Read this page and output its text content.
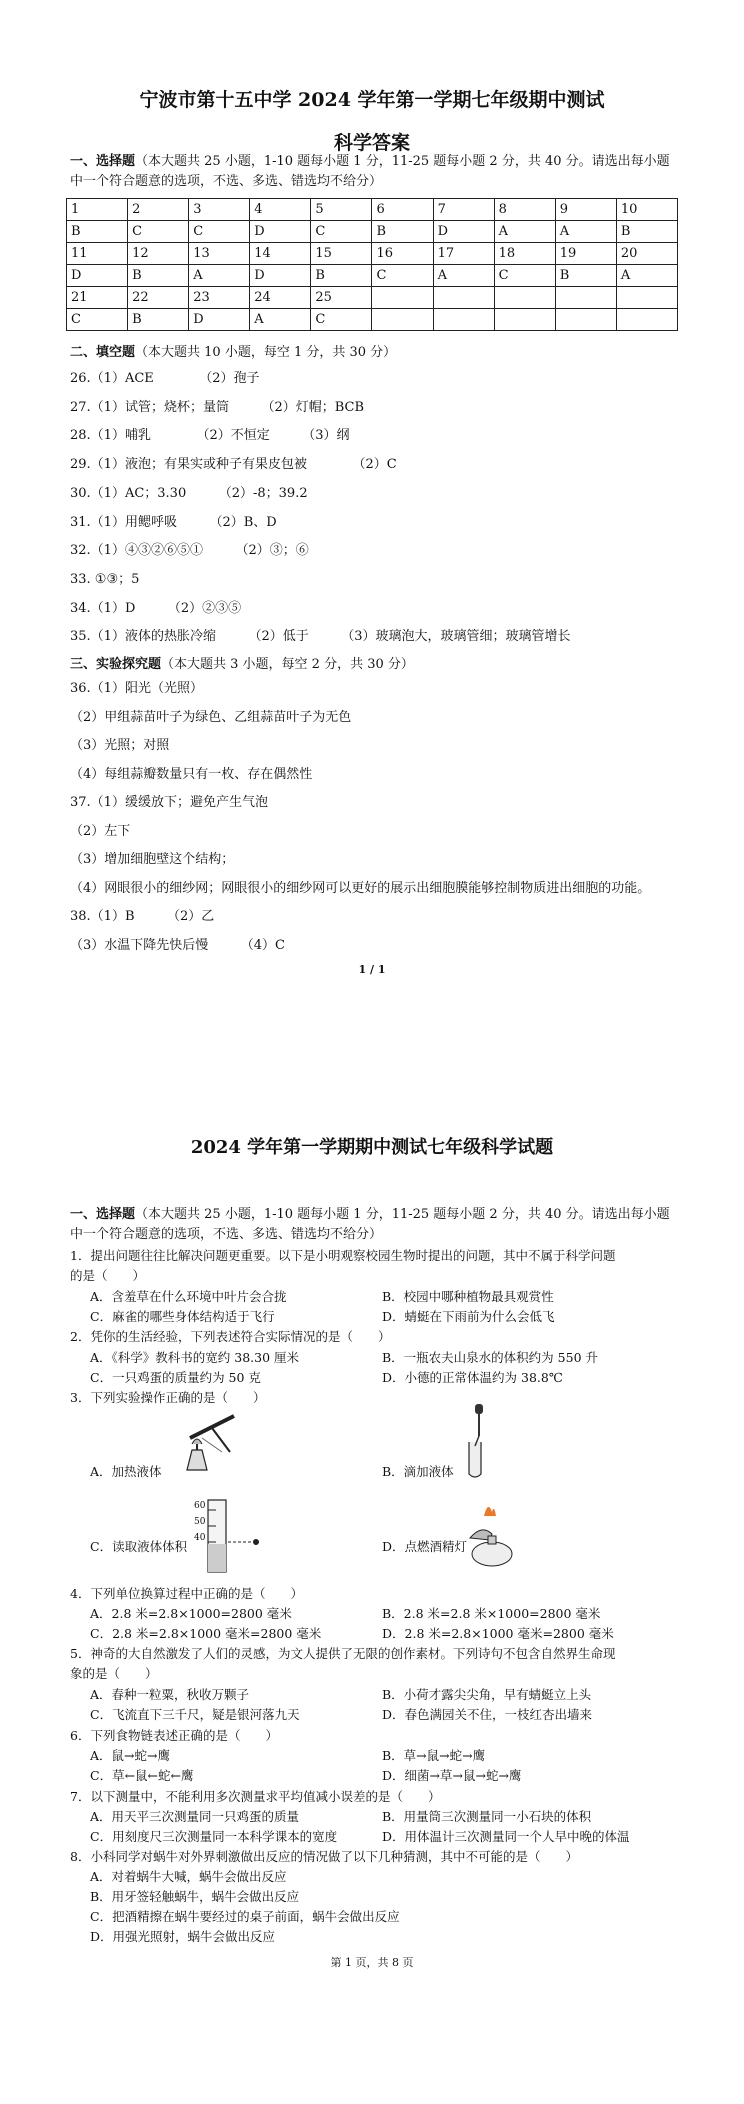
宁波市第十五中学 2024 学年第一学期七年级期中测试
科学答案
一、选择题（本大题共 25 小题，1-10 题每小题 1 分，11-25 题每小题 2 分，共 40 分。请选出每小题
中一个符合题意的选项，不选、多选、错选均不给分）
1	2	3	4	5	6	7	8	9	10
B	C	C	D	C	B	D	A	A	B
11	12	13	14	15	16	17	18	19	20
D	B	A	D	B	C	A	C	B	A
21	22	23	24	25					
C	B	D	A	C					
二、填空题（本大题共 10 小题，每空 1 分，共 30 分）
26.（1）ACE　　　　（2）孢子
27.（1）试管；烧杯；量筒　　　（2）灯帽；BCB
28.（1）哺乳　　　　（2）不恒定　　　（3）纲
29.（1）液泡；有果实或种子有果皮包被　　　　（2）C
30.（1）AC；3.30　　　（2）-8；39.2
31.（1）用鳃呼吸　　　（2）B、D
32.（1）④③②⑥⑤①　　　（2）③；⑥
33. ①③；5
34.（1）D　　　（2）②③⑤
35.（1）液体的热胀冷缩　　　（2）低于　　　（3）玻璃泡大，玻璃管细；玻璃管增长
三、实验探究题（本大题共 3 小题，每空 2 分，共 30 分）
36.（1）阳光（光照）
（2）甲组蒜苗叶子为绿色、乙组蒜苗叶子为无色
（3）光照；对照
（4）每组蒜瓣数量只有一枚、存在偶然性
37.（1）缓缓放下；避免产生气泡
（2）左下
（3）增加细胞壁这个结构；
（4）网眼很小的细纱网；网眼很小的细纱网可以更好的展示出细胞膜能够控制物质进出细胞的功能。
38.（1）B　　　（2）乙
（3）水温下降先快后慢　　　（4）C
1 / 1
2024 学年第一学期期中测试七年级科学试题
一、选择题（本大题共 25 小题，1-10 题每小题 1 分，11-25 题每小题 2 分，共 40 分。请选出每小题
中一个符合题意的选项，不选、多选、错选均不给分）
1．提出问题往往比解决问题更重要。以下是小明观察校园生物时提出的问题，其中不属于科学问题
的是（　　）
A．含羞草在什么环境中叶片会合拢	B．校园中哪种植物最具观赏性
C．麻雀的哪些身体结构适于飞行	D．蜻蜓在下雨前为什么会低飞
2．凭你的生活经验，下列表述符合实际情况的是（　　）
A．《科学》教科书的宽约 38.30 厘米	B．一瓶农夫山泉水的体积约为 550 升
C．一只鸡蛋的质量约为 50 克	D．小德的正常体温约为 38.8℃
3．下列实验操作正确的是（　　）
A．加热液体	B．滴加液体
C．读取液体体积
60
50
40
D．点燃酒精灯
4．下列单位换算过程中正确的是（　　）
A．2.8 米=2.8×1000=2800 毫米	B．2.8 米=2.8 米×1000=2800 毫米
C．2.8 米=2.8×1000 毫米=2800 毫米	D．2.8 米=2.8×1000 毫米=2800 毫米
5．神奇的大自然激发了人们的灵感，为文人提供了无限的创作素材。下列诗句不包含自然界生命现
象的是（　　）
A．春种一粒粟，秋收万颗子	B．小荷才露尖尖角，早有蜻蜓立上头
C．飞流直下三千尺，疑是银河落九天	D．春色满园关不住，一枝红杏出墙来
6．下列食物链表述正确的是（　　）
A．鼠→蛇→鹰	B．草→鼠→蛇→鹰
C．草←鼠←蛇←鹰	D．细菌→草→鼠→蛇→鹰
7．以下测量中，不能利用多次测量求平均值减小误差的是（　　）
A．用天平三次测量同一只鸡蛋的质量	B．用量筒三次测量同一小石块的体积
C．用刻度尺三次测量同一本科学课本的宽度	D．用体温计三次测量同一个人早中晚的体温
8．小科同学对蜗牛对外界刺激做出反应的情况做了以下几种猜测，其中不可能的是（　　）
A．对着蜗牛大喊，蜗牛会做出反应
B．用牙签轻触蜗牛，蜗牛会做出反应
C．把酒精擦在蜗牛要经过的桌子前面，蜗牛会做出反应
D．用强光照射，蜗牛会做出反应
第 1 页，共 8 页
